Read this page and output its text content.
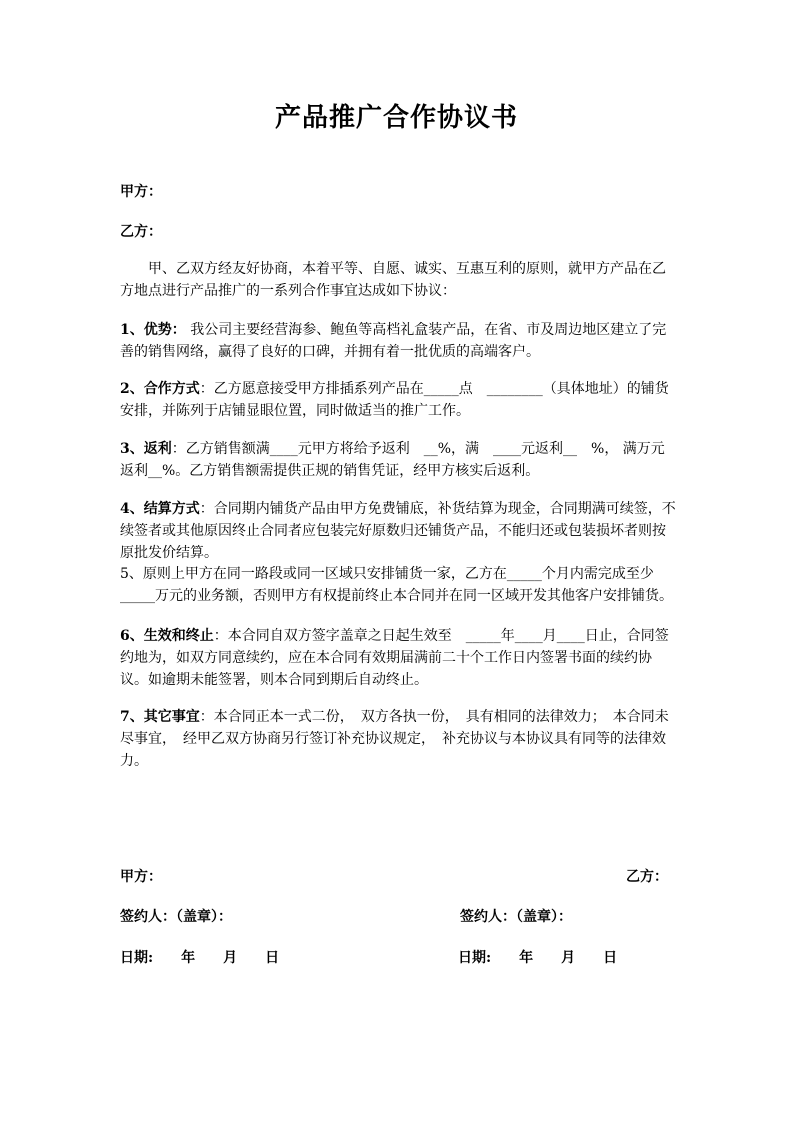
产品推广合作协议书
甲方：
乙方：
　　甲、乙双方经友好协商，本着平等、自愿、诚实、互惠互利的原则，就甲方产品在乙方地点进行产品推广的一系列合作事宜达成如下协议：
1、优势： 我公司主要经营海参、鲍鱼等高档礼盒装产品，在省、市及周边地区建立了完善的销售网络，赢得了良好的口碑，并拥有着一批优质的高端客户。
2、合作方式：乙方愿意接受甲方排插系列产品在_____点　________（具体地址）的铺货安排，并陈列于店铺显眼位置，同时做适当的推广工作。
3、返利：乙方销售额满____元甲方将给予返利　__%，满　____元返利__　%， 满万元返利__%。乙方销售额需提供正规的销售凭证，经甲方核实后返利。
4、结算方式：合同期内铺货产品由甲方免费铺底，补货结算为现金，合同期满可续签，不续签者或其他原因终止合同者应包装完好原数归还铺货产品，不能归还或包装损坏者则按原批发价结算。
5、原则上甲方在同一路段或同一区域只安排铺货一家，乙方在_____个月内需完成至少_____万元的业务额，否则甲方有权提前终止本合同并在同一区域开发其他客户安排铺货。
6、生效和终止：本合同自双方签字盖章之日起生效至　_____年____月____日止，合同签约地为，如双方同意续约，应在本合同有效期届满前二十个工作日内签署书面的续约协议。如逾期未能签署，则本合同到期后自动终止。
7、其它事宜：本合同正本一式二份，　双方各执一份，　具有相同的法律效力；　本合同未尽事宜，　经甲乙双方协商另行签订补充协议规定，　补充协议与本协议具有同等的法律效力。
甲方：	乙方：
签约人：（盖章）：	签约人：（盖章）：
日期:　　年　　月　　日	日期:　　年　　月　　日
